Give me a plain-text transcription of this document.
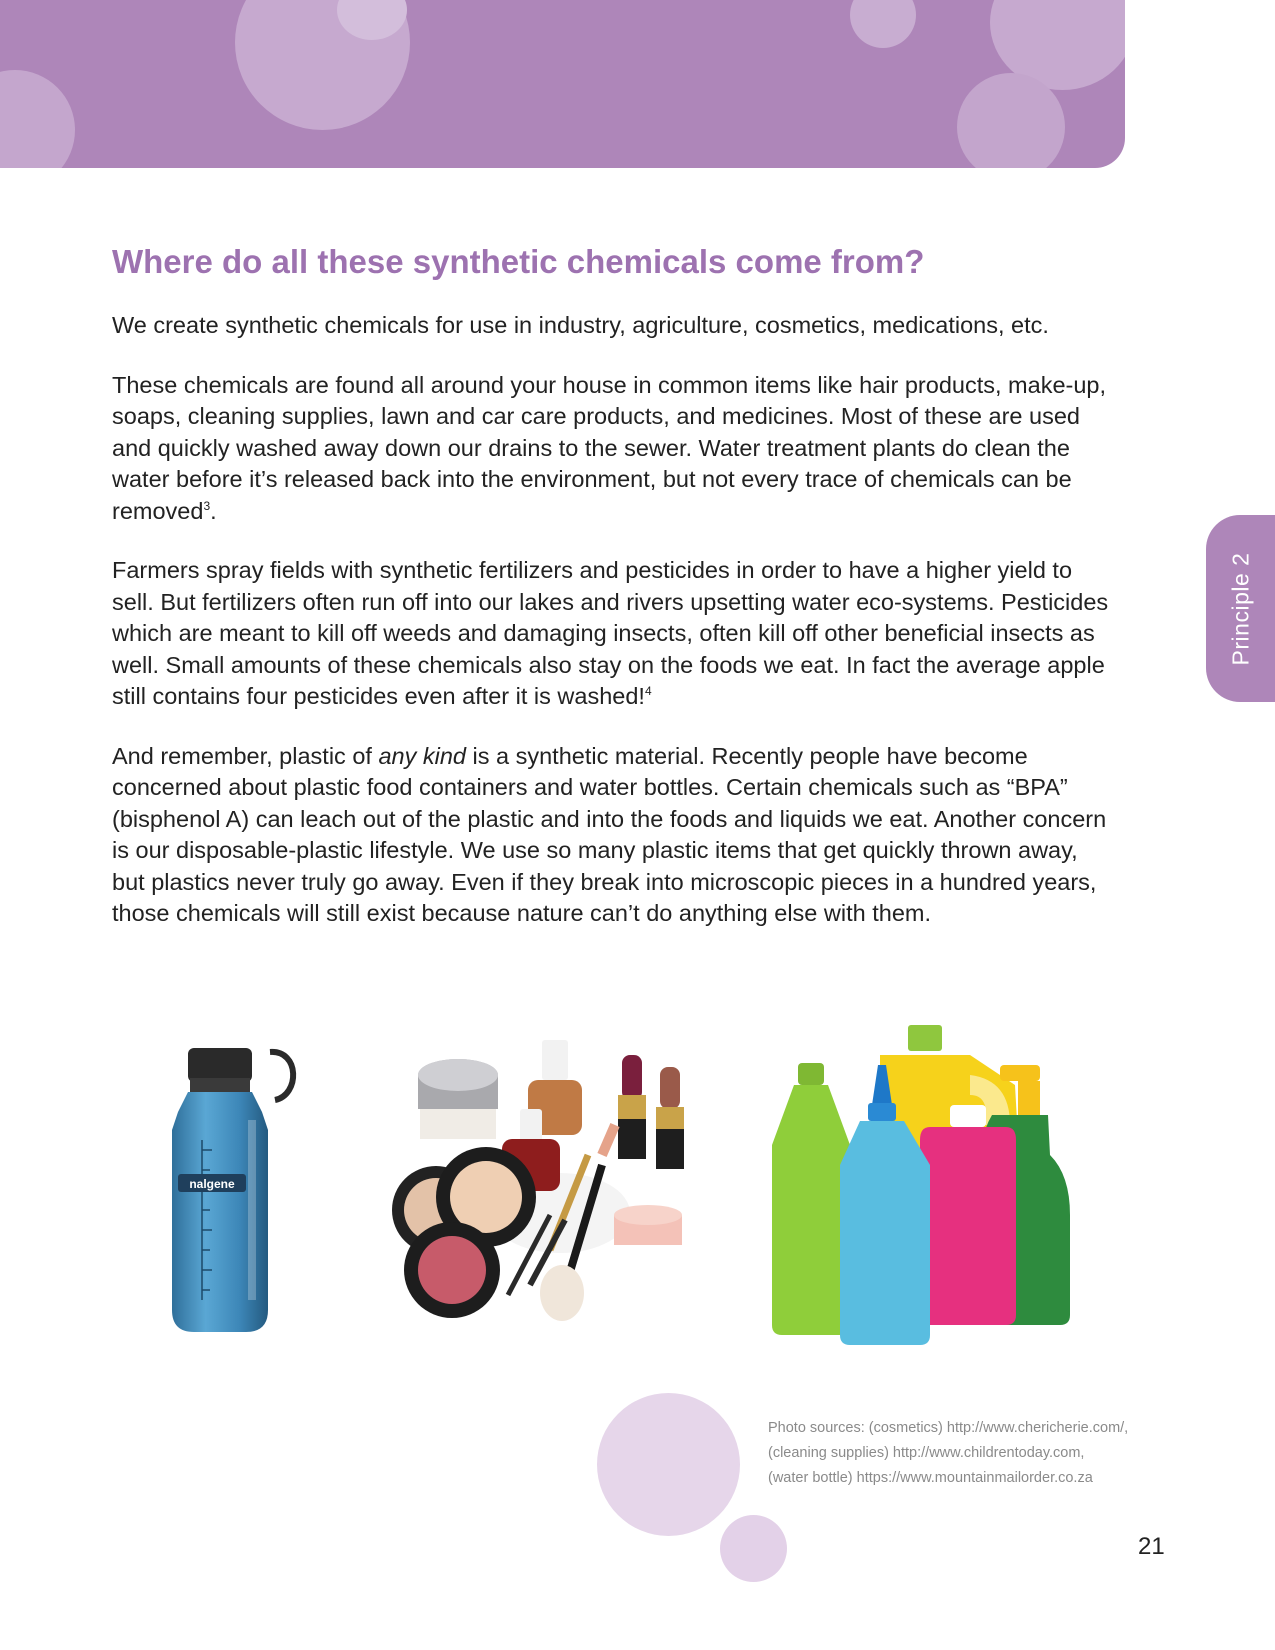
Principle 2
Where do all these synthetic chemicals come from?

We create synthetic chemicals for use in industry, agriculture, cosmetics, medications, etc.

These chemicals are found all around your house in common items like hair products, make-up, soaps, cleaning supplies, lawn and car care products, and medicines. Most of these are used and quickly washed away down our drains to the sewer. Water treatment plants do clean the water before it’s released back into the environment, but not every trace of chemicals can be removed$^3$.

Farmers spray fields with synthetic fertilizers and pesticides in order to have a higher yield to sell. But fertilizers often run off into our lakes and rivers upsetting water eco-systems. Pesticides which are meant to kill off weeds and damaging insects, often kill off other beneficial insects as well. Small amounts of these chemicals also stay on the foods we eat. In fact the average apple still contains four pesticides even after it is washed!$^4$

And remember, plastic of any kind is a synthetic material. Recently people have become concerned about plastic food containers and water bottles. Certain chemicals such as “BPA” (bisphenol A) can leach out of the plastic and into the foods and liquids we eat. Another concern is our disposable-plastic lifestyle. We use so many plastic items that get quickly thrown away, but plastics never truly go away. Even if they break into microscopic pieces in a hundred years, those chemicals will still exist because nature can’t do anything else with them.

nalgene
Photo sources: (cosmetics) http://www.chericherie.com/,
(cleaning supplies) http://www.childrentoday.com,
(water bottle) https://www.mountainmailorder.co.za
21
